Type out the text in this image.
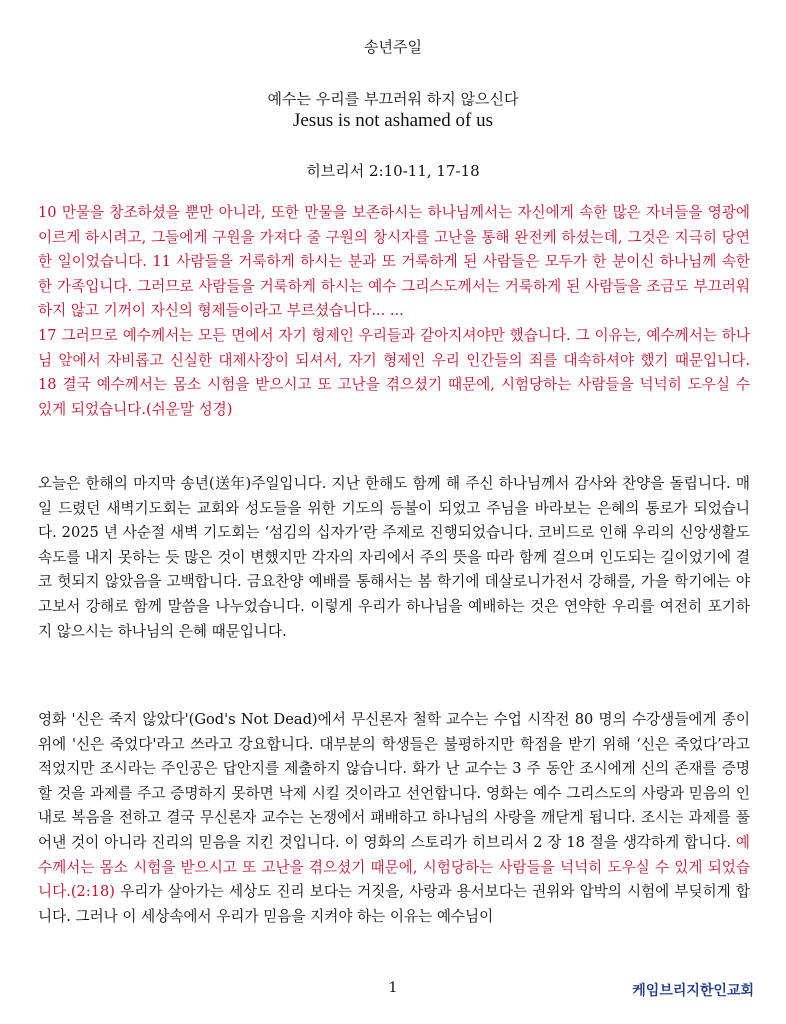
송년주일
예수는 우리를 부끄러워 하지 않으신다
Jesus is not ashamed of us
히브리서 2:10-11, 17-18
10 만물을 창조하셨을 뿐만 아니라, 또한 만물을 보존하시는 하나님께서는 자신에게 속한 많은 자녀들을 영광에 이르게 하시려고, 그들에게 구원을 가져다 줄 구원의 창시자를 고난을 통해 완전케 하셨는데, 그것은 지극히 당연한 일이었습니다. 11 사람들을 거룩하게 하시는 분과 또 거룩하게 된 사람들은 모두가 한 분이신 하나님께 속한 한 가족입니다. 그러므로 사람들을 거룩하게 하시는 예수 그리스도께서는 거룩하게 된 사람들을 조금도 부끄러워하지 않고 기꺼이 자신의 형제들이라고 부르셨습니다... ...
17 그러므로 예수께서는 모든 면에서 자기 형제인 우리들과 같아지셔야만 했습니다. 그 이유는, 예수께서는 하나님 앞에서 자비롭고 신실한 대제사장이 되셔서, 자기 형제인 우리 인간들의 죄를 대속하셔야 했기 때문입니다. 18 결국 예수께서는 몸소 시험을 받으시고 또 고난을 겪으셨기 때문에, 시험당하는 사람들을 넉넉히 도우실 수 있게 되었습니다.(쉬운말 성경)
오늘은 한해의 마지막 송년(送年)주일입니다. 지난 한해도 함께 해 주신 하나님께서 감사와 찬양을 돌립니다. 매일 드렸던 새벽기도회는 교회와 성도들을 위한 기도의 등불이 되었고 주님을 바라보는 은혜의 통로가 되었습니다. 2025 년 사순절 새벽 기도회는 ‘섬김의 십자가’란 주제로 진행되었습니다. 코비드로 인해 우리의 신앙생활도 속도를 내지 못하는 듯 많은 것이 변했지만 각자의 자리에서 주의 뜻을 따라 함께 걸으며 인도되는 길이었기에 결코 헛되지 않았음을 고백합니다. 금요찬양 예배를 통해서는 봄 학기에 데살로니가전서 강해를, 가을 학기에는 야고보서 강해로 함께 말씀을 나누었습니다. 이렇게 우리가 하나님을 예배하는 것은 연약한 우리를 여전히 포기하지 않으시는 하나님의 은혜 때문입니다.
영화 '신은 죽지 않았다'(God's Not Dead)에서 무신론자 철학 교수는 수업 시작전 80 명의 수강생들에게 종이 위에 '신은 죽었다'라고 쓰라고 강요합니다. 대부분의 학생들은 불평하지만 학점을 받기 위해 ‘신은 죽었다’라고 적었지만 조시라는 주인공은 답안지를 제출하지 않습니다. 화가 난 교수는 3 주 동안 조시에게 신의 존재를 증명할 것을 과제를 주고 증명하지 못하면 낙제 시킬 것이라고 선언합니다. 영화는 예수 그리스도의 사랑과 믿음의 인내로 복음을 전하고 결국 무신론자 교수는 논쟁에서 패배하고 하나님의 사랑을 깨닫게 됩니다. 조시는 과제를 풀어낸 것이 아니라 진리의 믿음을 지킨 것입니다. 이 영화의 스토리가 히브리서 2 장 18 절을 생각하게 합니다. 예수께서는 몸소 시험을 받으시고 또 고난을 겪으셨기 때문에, 시험당하는 사람들을 넉넉히 도우실 수 있게 되었습니다.(2:18) 우리가 살아가는 세상도 진리 보다는 거짓을, 사랑과 용서보다는 권위와 압박의 시험에 부딪히게 합니다. 그러나 이 세상속에서 우리가 믿음을 지켜야 하는 이유는 예수님이
1	케임브리지한인교회
